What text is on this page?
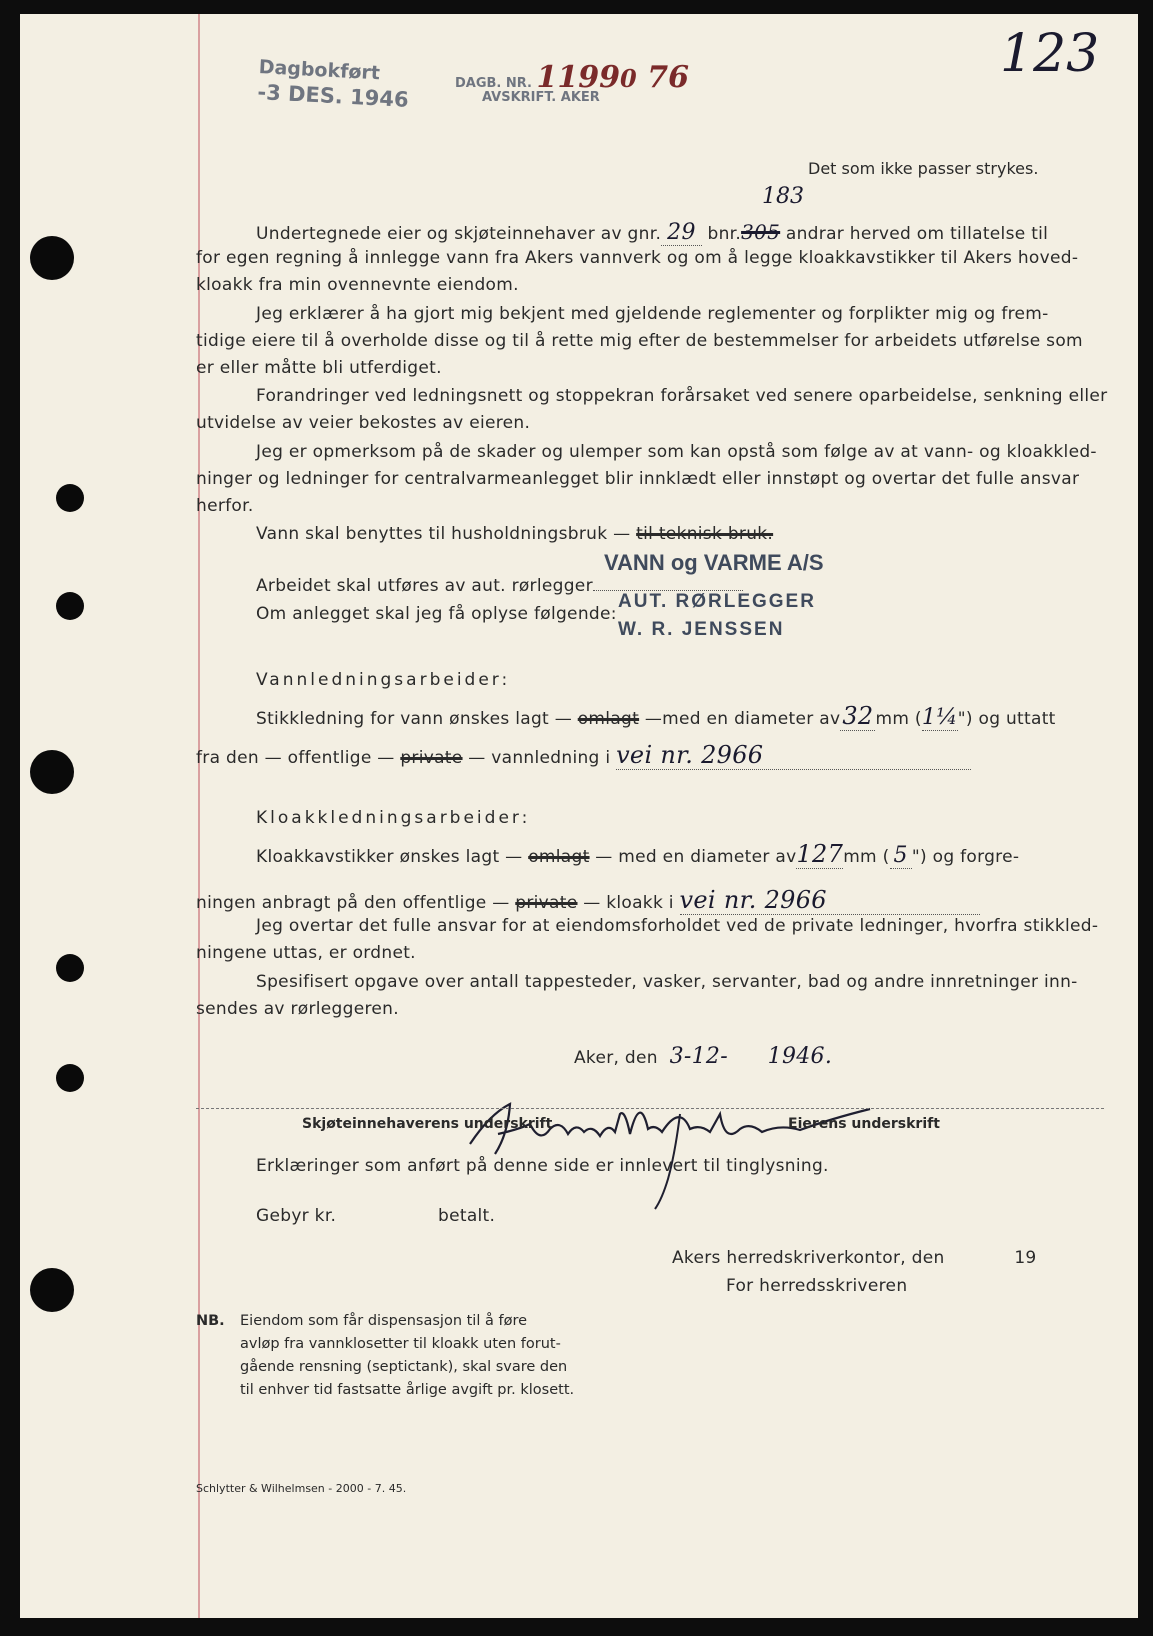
Dagbokført
-3 DES. 1946	DAGB. NR. 11990 76
AVSKRIFT. AKER
123
Det som ikke passer strykes.
Undertegnede eier og skjøteinnehaver av gnr. 29 bnr.305 andrar herved om tillatelse til
183
for egen regning å innlegge vann fra Akers vannverk og om å legge kloakkavstikker til Akers hoved-
kloakk fra min ovennevnte eiendom.
Jeg erklærer å ha gjort mig bekjent med gjeldende reglementer og forplikter mig og frem-
tidige eiere til å overholde disse og til å rette mig efter de bestemmelser for arbeidets utførelse som
er eller måtte bli utferdiget.
Forandringer ved ledningsnett og stoppekran forårsaket ved senere oparbeidelse, senkning eller
utvidelse av veier bekostes av eieren.
Jeg er opmerksom på de skader og ulemper som kan opstå som følge av at vann- og kloakkled-
ninger og ledninger for centralvarmeanlegget blir innklædt eller innstøpt og overtar det fulle ansvar
herfor.
Vann skal benyttes til husholdningsbruk — til teknisk bruk.
VANN og VARME A/S
Arbeidet skal utføres av aut. rørlegger
Om anlegget skal jeg få oplyse følgende:
AUT. RØRLEGGER
W. R. JENSSEN
Vannledningsarbeider:
Stikkledning for vann ønskes lagt — omlagt —med en diameter av32 mm (1¼") og uttatt
fra den — offentlige — private — vannledning i vei nr. 2966
Kloakkledningsarbeider:
Kloakkavstikker ønskes lagt — omlagt — med en diameter av127mm ( 5 ") og forgre-
ningen anbragt på den offentlige — private — kloakk i vei nr. 2966
Jeg overtar det fulle ansvar for at eiendomsforholdet ved de private ledninger, hvorfra stikkled-
ningene uttas, er ordnet.
Spesifisert opgave over antall tappesteder, vasker, servanter, bad og andre innretninger inn-
sendes av rørleggeren.
Aker, den 3-12- 1946.
Skjøteinnehaverens underskrift	Eierens underskrift
Erklæringer som anført på denne side er innlevert til tinglysning.
Gebyr kr.	betalt.
Akers herredskriverkontor, den	19
For herredsskriveren
NB. Eiendom som får dispensasjon til å føre
avløp fra vannklosetter til kloakk uten forut-
gående rensning (septictank), skal svare den
til enhver tid fastsatte årlige avgift pr. klosett.
Schlytter & Wilhelmsen - 2000 - 7. 45.
